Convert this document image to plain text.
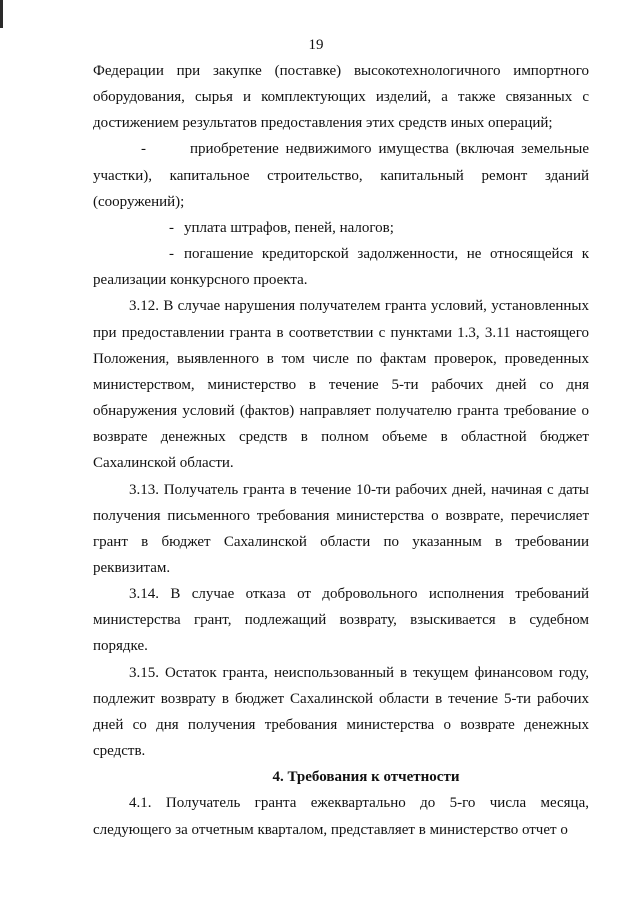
19

Федерации при закупке (поставке) высокотехнологичного импортного оборудования, сырья и комплектующих изделий, а также связанных с достижением результатов предоставления этих средств иных операций;

-	приобретение недвижимого имущества (включая земельные участки), капитальное строительство, капитальный ремонт зданий (сооружений);

- уплата штрафов, пеней, налогов;

- погашение кредиторской задолженности, не относящейся к реализации конкурсного проекта.

3.12. В случае нарушения получателем гранта условий, установленных при предоставлении гранта в соответствии с пунктами 1.3, 3.11 настоящего Положения, выявленного в том числе по фактам проверок, проведенных министерством, министерство в течение 5-ти рабочих дней со дня обнаружения условий (фактов) направляет получателю гранта требование о возврате денежных средств в полном объеме в областной бюджет Сахалинской области.

3.13. Получатель гранта в течение 10-ти рабочих дней, начиная с даты получения письменного требования министерства о возврате, перечисляет грант в бюджет Сахалинской области по указанным в требовании реквизитам.

3.14. В случае отказа от добровольного исполнения требований министерства грант, подлежащий возврату, взыскивается в судебном порядке.

3.15. Остаток гранта, неиспользованный в текущем финансовом году, подлежит возврату в бюджет Сахалинской области в течение 5-ти рабочих дней со дня получения требования министерства о возврате денежных средств.

4. Требования к отчетности

4.1. Получатель гранта ежеквартально до 5-го числа месяца, следующего за отчетным кварталом, представляет в министерство отчет о
